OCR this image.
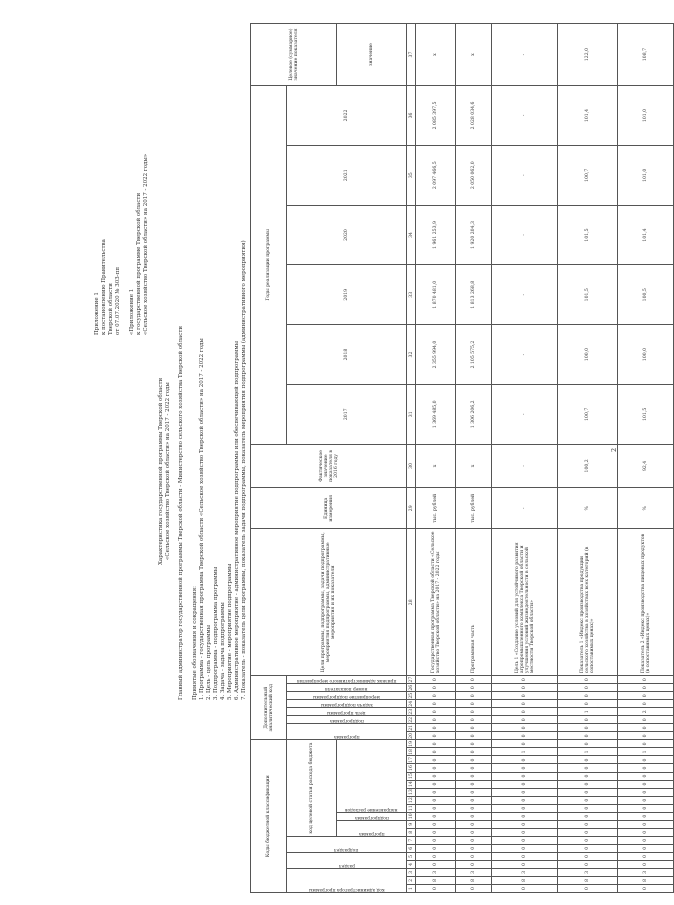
2
Приложение 1 к постановлению Правительства Тверской области от 07.07.2020 № 303-пп «Приложение 1 к государственной программе Тверской области «Сельское хозяйство Тверской области» на 2017 - 2022 годы»
Характеристика государственной программы Тверской области «Сельское хозяйство Тверской области» на 2017 - 2022 годы Главный администратор государственной программы Тверской области - Министерство сельского хозяйства Тверской области Принятые обозначения и сокращения: 1. Программа - государственная программа Тверской области «Сельское хозяйство Тверской области» на 2017 - 2022 годы 2. Цель - цель программы 3. Подпрограмма - подпрограмма программы 4. Задача - задача подпрограммы 5. Мероприятие - мероприятие подпрограммы 6. Административное мероприятие - административное мероприятие подпрограммы или обеспечивающей подпрограммы 7. Показатель - показатель цели программы, показатель задачи подпрограммы, показатель мероприятия подпрограммы (административного мероприятия)
Коды бюджетной классификации																			Дополнительный аналитический код								Цели программы, подпрограммы, задачи подпрограммы, мероприятия подпрограммы, административные мероприятия и их показатели	Единица измерения	Фактическое значение показателя в 2016 году	Годы реализации программы						Целевое (суммарное) значение показателя

код администратора программы			раздел		подраздел		код целевой статьи расхода бюджета												программа		подпрограмма	цель программы	задача подпрограммы	мероприятие подпрограммы	номер показателя	признак административного мероприятия				2017	2018	2019	2020	2021	2022	

							программа		подпрограмма	направление расходов																										значение
1	2	3	4	5	6	7	8	9	10	11	12	13	14	15	16	17	18	19	20	21	22	23	24	25	26	27	28	29	30	31	32	33	34	35	36	37
0	8	3	0	0	0	0	0	0	0	0	0	0	0	0	0	0	0	0	0	0	0	0	0	0	0	0	Государственная программа Тверской области «Сельское хозяйство Тверской области» на 2017 - 2022 годы	тыс. рублей	x	1 369 485,0	2 355 994,0	1 870 481,0	1 961 253,9	2 097 466,5	2 085 397,5	x
0	8	3	0	0	0	0	0	0	0	0	0	0	0	0	0	0	0	0	0	0	0	0	0	0	0	0	Программная часть	тыс. рублей	x	1 306 206,2	2 105 575,2	1 813 268,8	1 920 204,3	2 050 062,0	2 028 034,6	x
0	8	3	0	0	0	0	0	0	0	0	0	0	0	0	0	0	1	0	0	0	0	0	0	0	0	0	Цель 1 «Создание условий для устойчивого развития агропромышленного комплекса Тверской области и улучшения условий жизнедеятельности в сельской местности Тверской области»	-	-	-	-	-	-	-	-	-
0	8	3	0	0	0	0	0	0	0	0	0	0	0	0	0	0	1	0	0	0	0	1	0	0	0	0	Показатель 1 «Индекс производства продукции сельского хозяйства в хозяйствах всех категорий (в сопоставимых ценах)»	%	100,2	100,7	100,0	101,5	101,5	100,7	101,4	122,0
0	8	3	0	0	0	0	0	0	0	0	0	0	0	0	0	0	1	0	0	0	0	2	0	0	0	0	Показатель 2 «Индекс производства пищевых продуктов (в сопоставимых ценах)»	%	92,4	101,5	100,0	100,5	101,4	101,0	101,0	108,7
